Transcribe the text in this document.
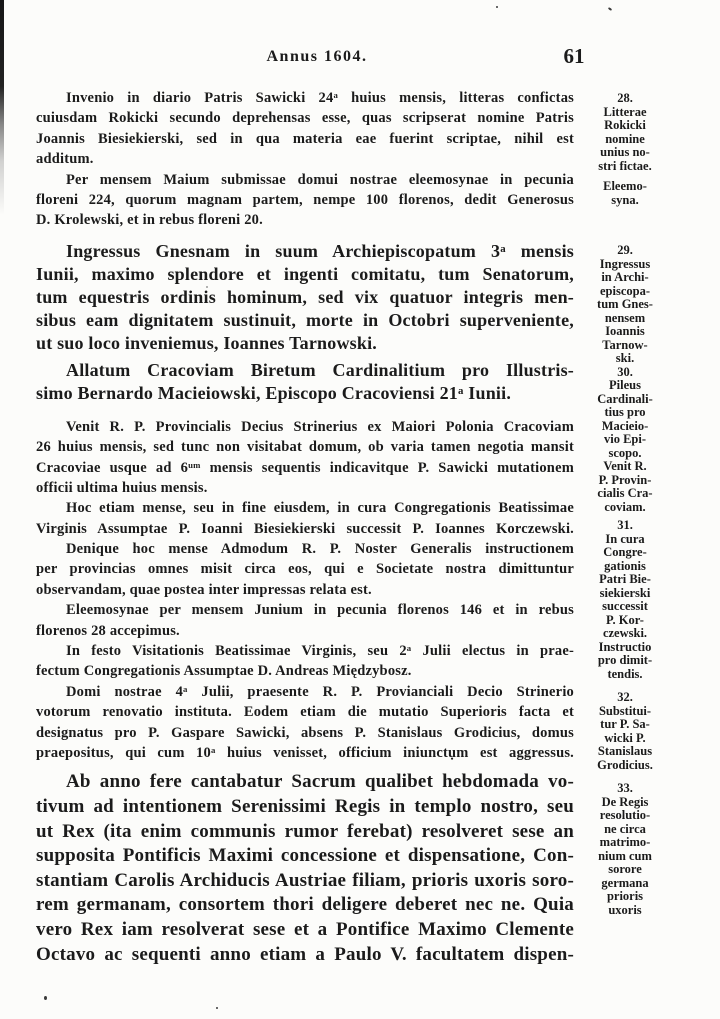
Annus 1604.	61
Invenio in diario Patris Sawicki 24$^a$ huius mensis, litteras confictas
cuiusdam Rokicki secundo deprehensas esse, quas scripserat nomine Patris
Joannis Biesiekierski, sed in qua materia eae fuerint scriptae, nihil est
additum.
Per mensem Maium submissae domui nostrae eleemosynae in pecunia
floreni 224, quorum magnam partem, nempe 100 florenos, dedit Generosus
D. Krolewski, et in rebus floreni 20.
Ingressus Gnesnam in suum Archiepiscopatum 3$^a$ mensis
Iunii, maximo splendore et ingenti comitatu, tum Senatorum,
tum equestris ordinis hominum, sed vix quatuor integris men-
sibus eam dignitatem sustinuit, morte in Octobri superveniente,
ut suo loco inveniemus, Ioannes Tarnowski.
Allatum Cracoviam Biretum Cardinalitium pro Illustris-
simo Bernardo Macieiowski, Episcopo Cracoviensi 21$^a$ Iunii.
Venit R. P. Provincialis Decius Strinerius ex Maiori Polonia Cracoviam
26 huius mensis, sed tunc non visitabat domum, ob varia tamen negotia mansit
Cracoviae usque ad $6^{um}$ mensis sequentis indicavitque P. Sawicki mutationem
officii ultima huius mensis.
Hoc etiam mense, seu in fine eiusdem, in cura Congregationis Beatissimae
Virginis Assumptae P. Ioanni Biesiekierski successit P. Ioannes Korczewski.
Denique hoc mense Admodum R. P. Noster Generalis instructionem
per provincias omnes misit circa eos, qui e Societate nostra dimittuntur
observandam, quae postea inter impressas relata est.
Eleemosynae per mensem Junium in pecunia florenos 146 et in rebus
florenos 28 accepimus.
In festo Visitationis Beatissimae Virginis, seu 2$^a$ Julii electus in prae-
fectum Congregationis Assumptae D. Andreas Międzybosz.
Domi nostrae 4$^a$ Julii, praesente R. P. Provianciali Decio Strinerio
votorum renovatio instituta. Eodem etiam die mutatio Superioris facta et
designatus pro P. Gaspare Sawicki, absens P. Stanislaus Grodicius, domus
praepositus, qui cum 10$^a$ huius venisset, officium iniunctụm est aggressus.
Ab anno fere cantabatur Sacrum qualibet hebdomada vo-
tivum ad intentionem Serenissimi Regis in templo nostro, seu
ut Rex (ita enim communis rumor ferebat) resolveret sese an
supposita Pontificis Maximi concessione et dispensatione, Con-
stantiam Carolis Archiducis Austriae filiam, prioris uxoris soro-
rem germanam, consortem thori deligere deberet nec ne. Quia
vero Rex iam resolverat sese et a Pontifice Maximo Clemente
Octavo ac sequenti anno etiam a Paulo V. facultatem dispen-
28.
Litterae
Rokicki
nomine
unius no-
stri fictae.
Eleemo-
syna.
29.
Ingressus
in Archi-
episcopa-
tum Gnes-
nensem
Ioannis
Tarnow-
ski.
30.
Pileus
Cardinali-
tius pro
Macieio-
vio Epi-
scopo.
Venit R.
P. Provin-
cialis Cra-
coviam.
31.
In cura
Congre-
gationis
Patri Bie-
siekierski
successit
P. Kor-
czewski.
Instructio
pro dimit-
tendis.
32.
Substitui-
tur P. Sa-
wicki P.
Stanislaus
Grodicius.
33.
De Regis
resolutio-
ne circa
matrimo-
nium cum
sorore
germana
prioris
uxoris
